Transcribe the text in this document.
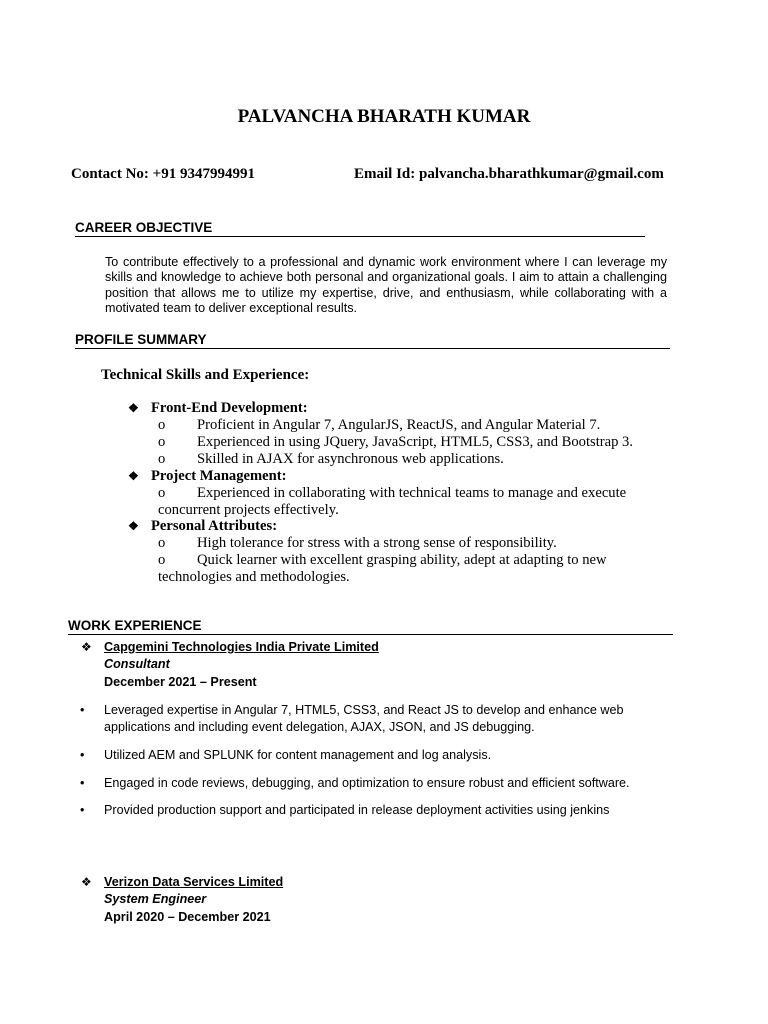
PALVANCHA BHARATH KUMAR
Contact No: +91 9347994991	Email Id: palvancha.bharathkumar@gmail.com
CAREER OBJECTIVE
To contribute effectively to a professional and dynamic work environment where I can leverage my skills and knowledge to achieve both personal and organizational goals. I aim to attain a challenging position that allows me to utilize my expertise, drive, and enthusiasm, while collaborating with a motivated team to deliver exceptional results.
PROFILE SUMMARY
Technical Skills and Experience:
❖ Front-End Development:
o Proficient in Angular 7, AngularJS, ReactJS, and Angular Material 7.
o Experienced in using JQuery, JavaScript, HTML5, CSS3, and Bootstrap 3.
o Skilled in AJAX for asynchronous web applications.
❖ Project Management:
o Experienced in collaborating with technical teams to manage and execute concurrent projects effectively.
❖ Personal Attributes:
o High tolerance for stress with a strong sense of responsibility.
o Quick learner with excellent grasping ability, adept at adapting to new technologies and methodologies.
WORK EXPERIENCE
❖ Capgemini Technologies India Private Limited
Consultant
December 2021 – Present
• Leveraged expertise in Angular 7, HTML5, CSS3, and React JS to develop and enhance web applications and including event delegation, AJAX, JSON, and JS debugging.
• Utilized AEM and SPLUNK for content management and log analysis.
• Engaged in code reviews, debugging, and optimization to ensure robust and efficient software.
• Provided production support and participated in release deployment activities using jenkins
❖ Verizon Data Services Limited
System Engineer
April 2020 – December 2021
